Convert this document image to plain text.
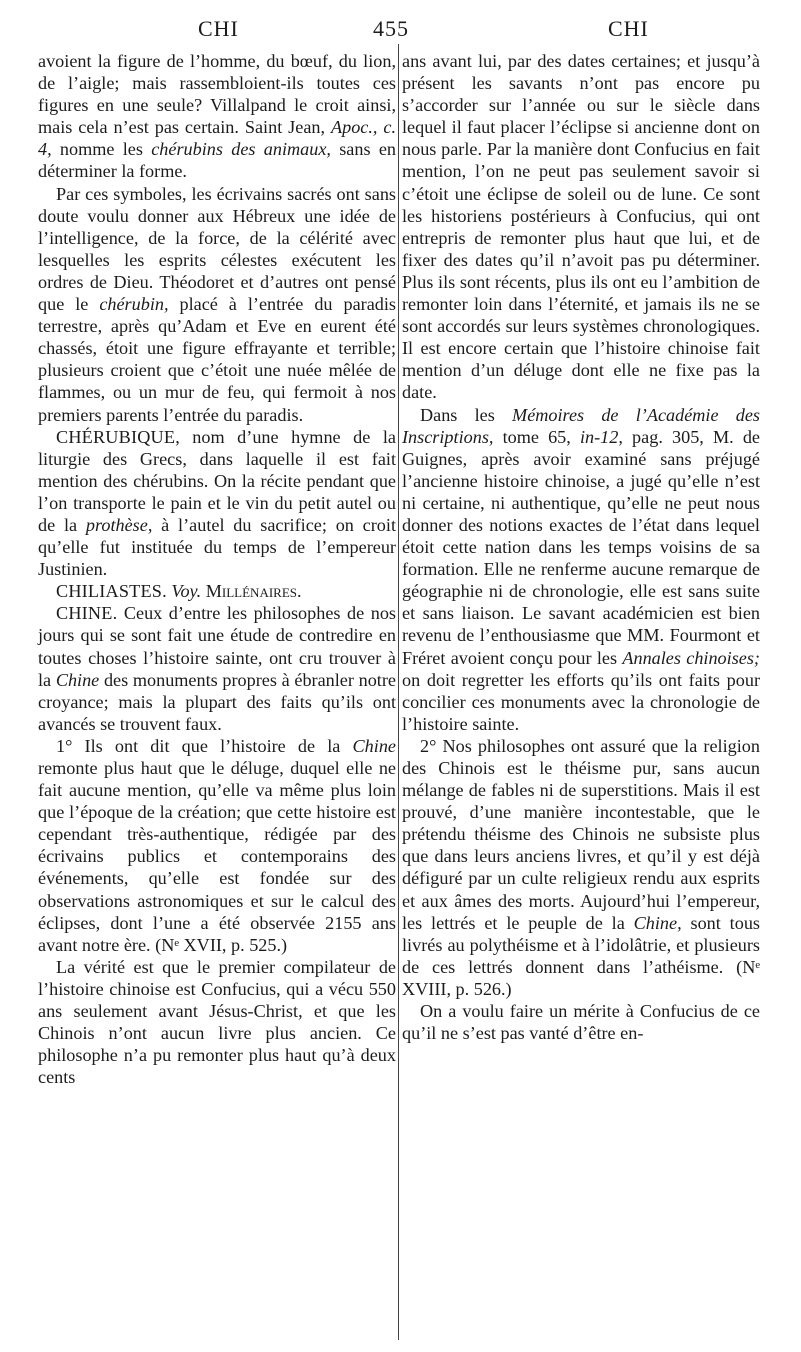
CHI	455	CHI

avoient la figure de l’homme, du bœuf, du lion, de l’aigle; mais rassembloient-ils toutes ces figures en une seule? Villalpand le croit ainsi, mais cela n’est pas certain. Saint Jean, Apoc., c. 4, nomme les chérubins des animaux, sans en déterminer la forme.

Par ces symboles, les écrivains sacrés ont sans doute voulu donner aux Hébreux une idée de l’intelligence, de la force, de la célérité avec lesquelles les esprits célestes exécutent les ordres de Dieu. Théodoret et d’autres ont pensé que le chérubin, placé à l’entrée du paradis terrestre, après qu’Adam et Eve en eurent été chassés, étoit une figure effrayante et terrible; plusieurs croient que c’étoit une nuée mêlée de flammes, ou un mur de feu, qui fermoit à nos premiers parents l’entrée du paradis.

CHÉRUBIQUE, nom d’une hymne de la liturgie des Grecs, dans laquelle il est fait mention des chérubins. On la récite pendant que l’on transporte le pain et le vin du petit autel ou de la prothèse, à l’autel du sacrifice; on croit qu’elle fut instituée du temps de l’empereur Justinien.

CHILIASTES. Voy. Millénaires.

CHINE. Ceux d’entre les philosophes de nos jours qui se sont fait une étude de contredire en toutes choses l’histoire sainte, ont cru trouver à la Chine des monuments propres à ébranler notre croyance; mais la plupart des faits qu’ils ont avancés se trouvent faux.

1° Ils ont dit que l’histoire de la Chine remonte plus haut que le déluge, duquel elle ne fait aucune mention, qu’elle va même plus loin que l’époque de la création; que cette histoire est cependant très-authentique, rédigée par des écrivains publics et contemporains des événements, qu’elle est fondée sur des observations astronomiques et sur le calcul des éclipses, dont l’une a été observée 2155 ans avant notre ère. (Nᵉ XVII, p. 525.)

La vérité est que le premier compilateur de l’histoire chinoise est Confucius, qui a vécu 550 ans seulement avant Jésus-Christ, et que les Chinois n’ont aucun livre plus ancien. Ce philosophe n’a pu remonter plus haut qu’à deux cents

ans avant lui, par des dates certaines; et jusqu’à présent les savants n’ont pas encore pu s’accorder sur l’année ou sur le siècle dans lequel il faut placer l’éclipse si ancienne dont on nous parle. Par la manière dont Confucius en fait mention, l’on ne peut pas seulement savoir si c’étoit une éclipse de soleil ou de lune. Ce sont les historiens postérieurs à Confucius, qui ont entrepris de remonter plus haut que lui, et de fixer des dates qu’il n’avoit pas pu déterminer. Plus ils sont récents, plus ils ont eu l’ambition de remonter loin dans l’éternité, et jamais ils ne se sont accordés sur leurs systèmes chronologiques. Il est encore certain que l’histoire chinoise fait mention d’un déluge dont elle ne fixe pas la date.

Dans les Mémoires de l’Académie des Inscriptions, tome 65, in-12, pag. 305, M. de Guignes, après avoir examiné sans préjugé l’ancienne histoire chinoise, a jugé qu’elle n’est ni certaine, ni authentique, qu’elle ne peut nous donner des notions exactes de l’état dans lequel étoit cette nation dans les temps voisins de sa formation. Elle ne renferme aucune remarque de géographie ni de chronologie, elle est sans suite et sans liaison. Le savant académicien est bien revenu de l’enthousiasme que MM. Fourmont et Fréret avoient conçu pour les Annales chinoises; on doit regretter les efforts qu’ils ont faits pour concilier ces monuments avec la chronologie de l’histoire sainte.

2° Nos philosophes ont assuré que la religion des Chinois est le théisme pur, sans aucun mélange de fables ni de superstitions. Mais il est prouvé, d’une manière incontestable, que le prétendu théisme des Chinois ne subsiste plus que dans leurs anciens livres, et qu’il y est déjà défiguré par un culte religieux rendu aux esprits et aux âmes des morts. Aujourd’hui l’empereur, les lettrés et le peuple de la Chine, sont tous livrés au polythéisme et à l’idolâtrie, et plusieurs de ces lettrés donnent dans l’athéisme. (Nᵉ XVIII, p. 526.)

On a voulu faire un mérite à Confucius de ce qu’il ne s’est pas vanté d’être en-
